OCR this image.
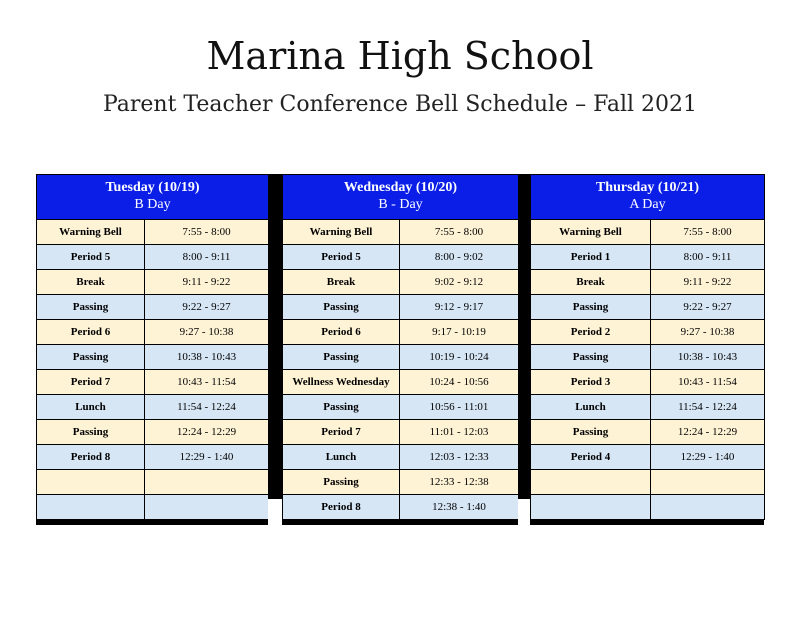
Marina High School
Parent Teacher Conference Bell Schedule – Fall 2021
Tuesday (10/19)
B Day	

Warning Bell	7:55 - 8:00
Period 5	8:00 - 9:11
Break	9:11 - 9:22
Passing	9:22 - 9:27
Period 6	9:27 - 10:38
Passing	10:38 - 10:43
Period 7	10:43 - 11:54
Lunch	11:54 - 12:24
Passing	12:24 - 12:29
Period 8	12:29 - 1:40

Wednesday (10/20)
B - Day	

Warning Bell	7:55 - 8:00
Period 5	8:00 - 9:02
Break	9:02 - 9:12
Passing	9:12 - 9:17
Period 6	9:17 - 10:19
Passing	10:19 - 10:24
Wellness Wednesday	10:24 - 10:56
Passing	10:56 - 11:01
Period 7	11:01 - 12:03
Lunch	12:03 - 12:33
Passing	12:33 - 12:38
Period 8	12:38 - 1:40
Thursday (10/21)
A Day	

Warning Bell	7:55 - 8:00
Period 1	8:00 - 9:11
Break	9:11 - 9:22
Passing	9:22 - 9:27
Period 2	9:27 - 10:38
Passing	10:38 - 10:43
Period 3	10:43 - 11:54
Lunch	11:54 - 12:24
Passing	12:24 - 12:29
Period 4	12:29 - 1:40
